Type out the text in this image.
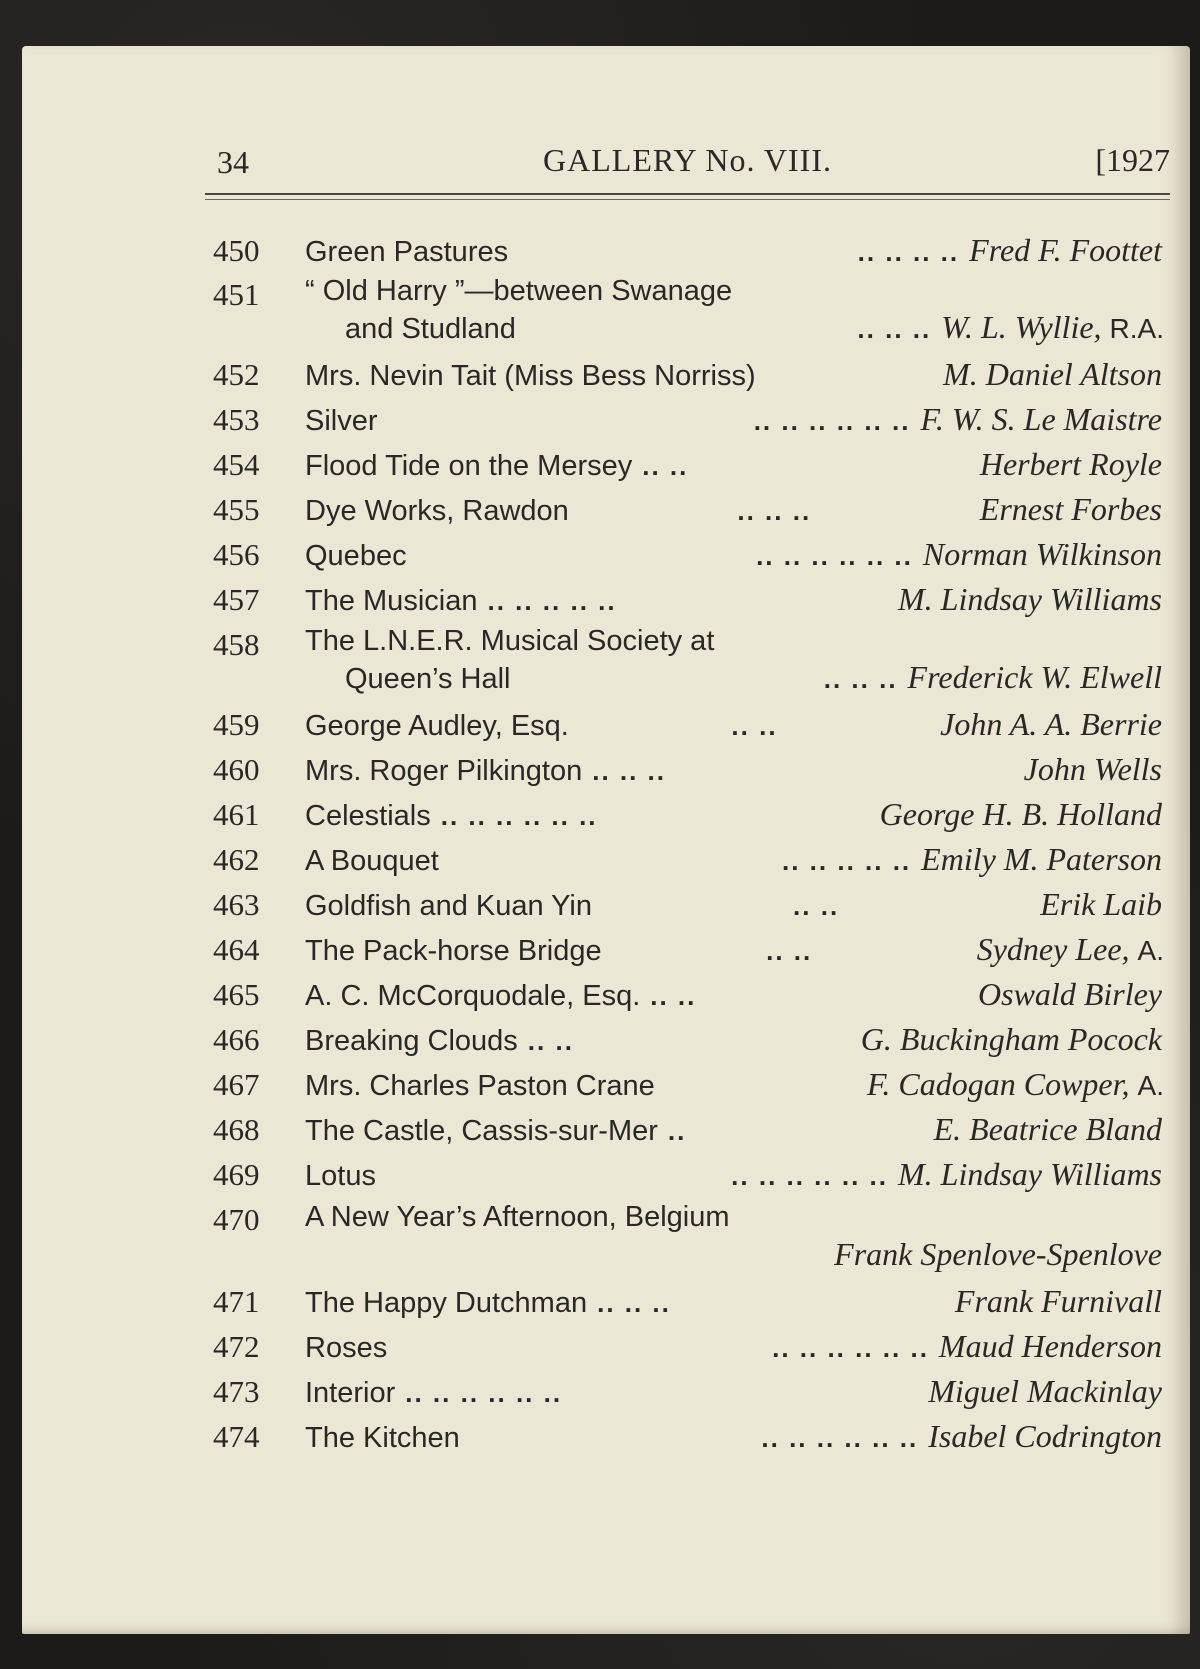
34	GALLERY No. VIII.	[1927
450 Green Pastures	.. .. .. .. Fred F. Foottet
451 “ Old Harry ”—between Swanage
and Studland	.. .. .. W. L. Wyllie, R.A.
452 Mrs. Nevin Tait (Miss Bess Norriss)	M. Daniel Altson
453 Silver	.. .. .. .. .. .. F. W. S. Le Maistre
454 Flood Tide on the Mersey .. ..	Herbert Royle
455 Dye Works, Rawdon	.. .. ..	Ernest Forbes
456 Quebec	.. .. .. .. .. .. Norman Wilkinson
457 The Musician .. .. .. .. ..	M. Lindsay Williams
458 The L.N.E.R. Musical Society at
Queen’s Hall	.. .. .. Frederick W. Elwell
459 George Audley, Esq.	.. ..	John A. A. Berrie
460 Mrs. Roger Pilkington .. .. ..	John Wells
461 Celestials .. .. .. .. .. ..	George H. B. Holland
462 A Bouquet	.. .. .. .. .. Emily M. Paterson
463 Goldfish and Kuan Yin	.. ..	Erik Laib
464 The Pack-horse Bridge	.. ..	Sydney Lee, A.
465 A. C. McCorquodale, Esq. .. ..	Oswald Birley
466 Breaking Clouds .. ..	G. Buckingham Pocock
467 Mrs. Charles Paston Crane	F. Cadogan Cowper, A.
468 The Castle, Cassis-sur-Mer ..	E. Beatrice Bland
469 Lotus	.. .. .. .. .. .. M. Lindsay Williams
470 A New Year’s Afternoon, Belgium
Frank Spenlove-Spenlove
471 The Happy Dutchman .. .. ..	Frank Furnivall
472 Roses	.. .. .. .. .. .. Maud Henderson
473 Interior .. .. .. .. .. ..	Miguel Mackinlay
474 The Kitchen	.. .. .. .. .. .. Isabel Codrington
